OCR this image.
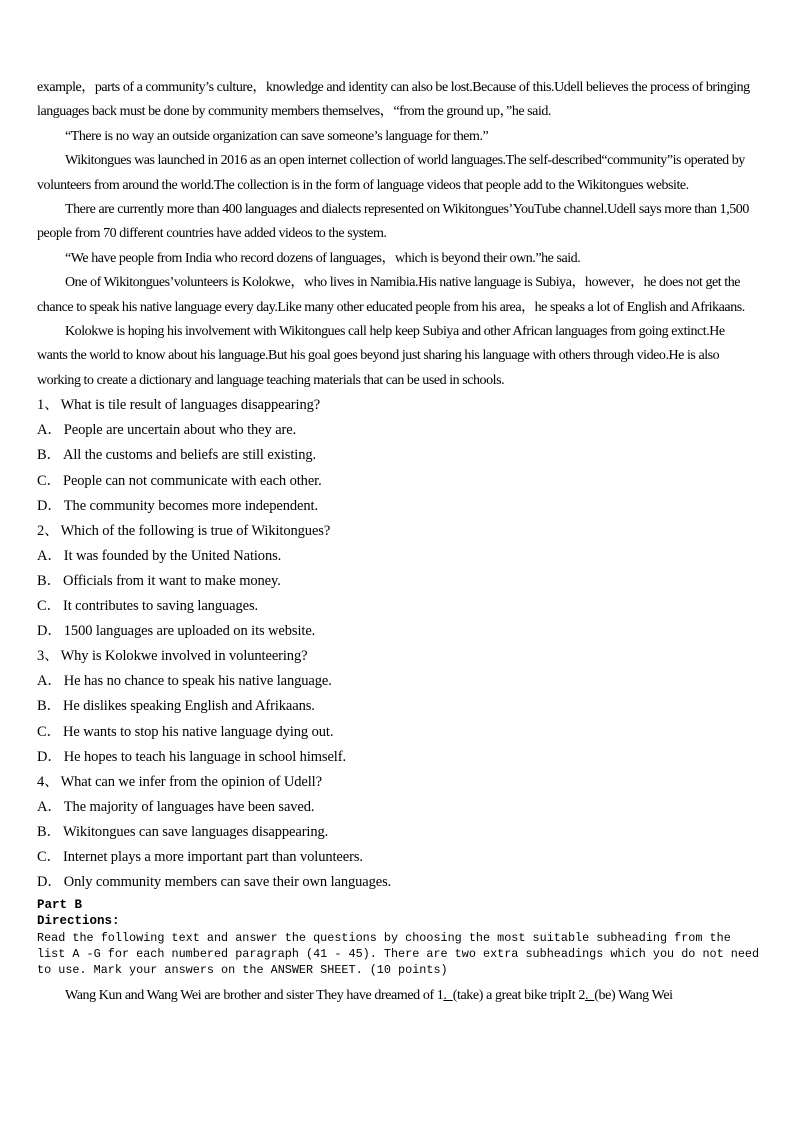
example，parts of a community’s culture，knowledge and identity can also be lost.Because of this.Udell believes the process of bringing languages back must be done by community members themselves，“from the ground up，”he said.

“There is no way an outside organization can save someone’s language for them.”

Wikitongues was launched in 2016 as an open internet collection of world languages.The self-described“community”is operated by volunteers from around the world.The collection is in the form of language videos that people add to the Wikitongues website.

There are currently more than 400 languages and dialects represented on Wikitongues’YouTube channel.Udell says more than 1,500 people from 70 different countries have added videos to the system.

“We have people from India who record dozens of languages，which is beyond their own.”he said.

One of Wikitongues’volunteers is Kolokwe，who lives in Namibia.His native language is Subiya，however，he does not get the chance to speak his native language every day.Like many other educated people from his area，he speaks a lot of English and Afrikaans.

Kolokwe is hoping his involvement with Wikitongues call help keep Subiya and other African languages from going extinct.He wants the world to know about his language.But his goal goes beyond just sharing his language with others through video.He is also working to create a dictionary and language teaching materials that can be used in schools.

1、 What is tile result of languages disappearing?
A． People are uncertain about who they are.
B． All the customs and beliefs are still existing.
C． People can not communicate with each other.
D． The community becomes more independent.
2、 Which of the following is true of Wikitongues?
A． It was founded by the United Nations.
B． Officials from it want to make money.
C． It contributes to saving languages.
D． 1500 languages are uploaded on its website.
3、 Why is Kolokwe involved in volunteering?
A． He has no chance to speak his native language.
B． He dislikes speaking English and Afrikaans.
C． He wants to stop his native language dying out.
D． He hopes to teach his language in school himself.
4、 What can we infer from the opinion of Udell?
A． The majority of languages have been saved.
B． Wikitongues can save languages disappearing.
C． Internet plays a more important part than volunteers.
D． Only community members can save their own languages.
Part B
Directions:
Read the following text and answer the questions by choosing the most suitable subheading from the
list A -G for each numbered paragraph (41 - 45). There are two extra subheadings which you do not need
to use. Mark your answers on the ANSWER SHEET. (10 points)
Wang Kun and Wang Wei are brother and sister They have dreamed of 1.  (take) a great bike tripIt 2.  (be) Wang Wei
